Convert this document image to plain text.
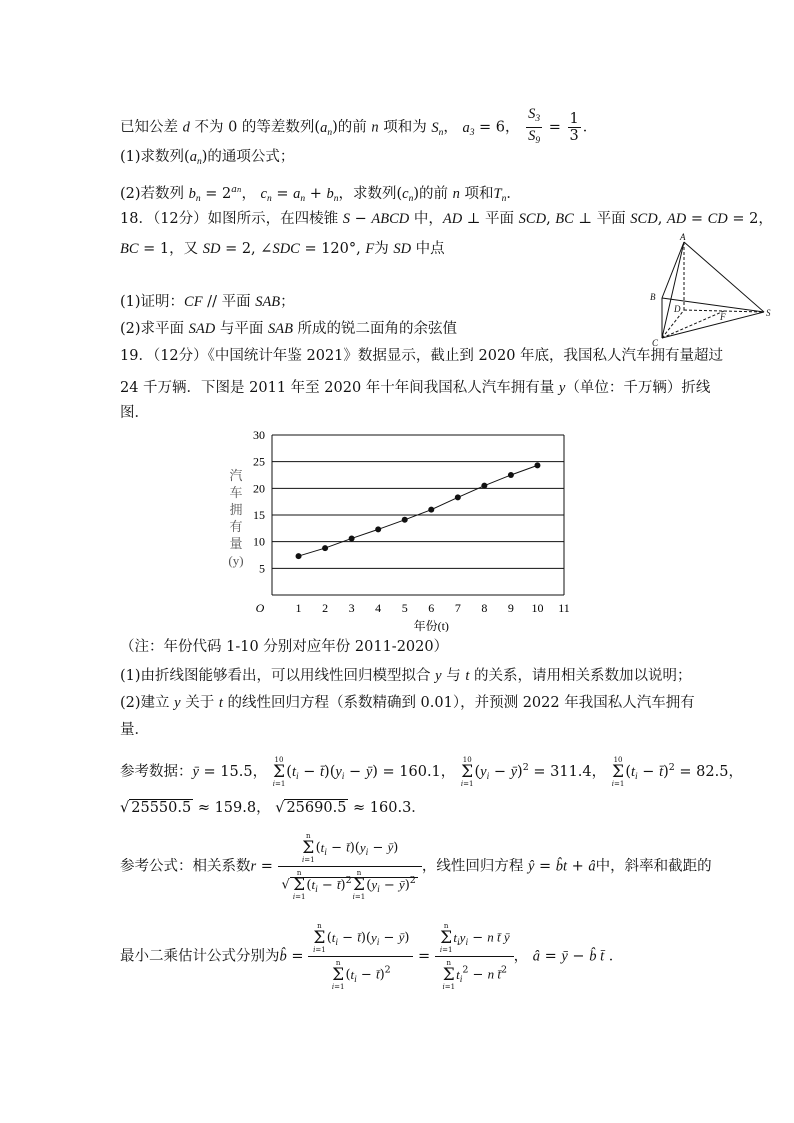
已知公差 d 不为 0 的等差数列$(a_n)$的前 n 项和为 $S_n$， $a_3 = 6$， $\frac{S_3}{S_9} = \frac{1}{3}$ ．
(1)求数列$(a_n)$的通项公式；
(2)若数列 $b_n = 2^{an}$， $c_n = a_n + b_n$，求数列$(c_n)$的前 n 项和$T_n$．
18．（12分）如图所示，在四棱锥 S − ABCD 中，AD ⊥ 平面 SCD, BC ⊥ 平面 SCD, AD = CD = 2，
BC = 1，又 SD = 2, ∠SDC = 120°, F为 SD 中点
(1)证明：CF // 平面 SAB；
(2)求平面 SAD 与平面 SAB 所成的锐二面角的余弦值
A
B
D
F	S
C
19．（12分）《中国统计年鉴 2021》数据显示，截止到 2020 年底，我国私人汽车拥有量超过
24 千万辆．下图是 2011 年至 2020 年十年间我国私人汽车拥有量 y（单位：千万辆）折线
图．
5
10
15
20
25
30
1 2 3 4 5 6 7 8 9 10 11
O
年份(t)
汽
车
拥
有
量
(y)
（注：年份代码 1-10 分别对应年份 2011-2020）
(1)由折线图能够看出，可以用线性回归模型拟合 y 与 t 的关系，请用相关系数加以说明；
(2)建立 y 关于 t 的线性回归方程（系数精确到 0.01），并预测 2022 年我国私人汽车拥有
量．
参考数据：ȳ = 15.5， 10
Σ
$i=1(t_i$ − $t̄)(y_i$ − ȳ) = 160.1， 10
Σ
$i=1(y_i$ − ȳ)$^2$ = 311.4， 10
Σ
$i=1(t_i$ − t̄)$^2$ = 82.5，
√ 25550.5 ≈ 159.8， √ 25690.5 ≈ 160.3．
参考公式：相关系数r = n
Σ
$i=1(t_i$ − $t̄)(y_i$ − ȳ)
√n
Σ
$i=1(t_i$ − t̄)$^2$n
Σ
$i=1(y_i$ − ȳ)$^2$ ，线性回归方程 ŷ = b̂t + â中，斜率和截距的
最小二乘估计公式分别为b̂ = n
Σ
$i=1(t_i$ − $t̄)(y_i$ − ȳ)
n
Σ
$i=1(t_i$ − t̄)$^2$ = n
Σ
$i=1t_iy_i - n$ t̄ ȳ
n
Σ
$i=1t_i^2 - n$ t̄$^2$ ， â = ȳ − b̂ t̄ ．
